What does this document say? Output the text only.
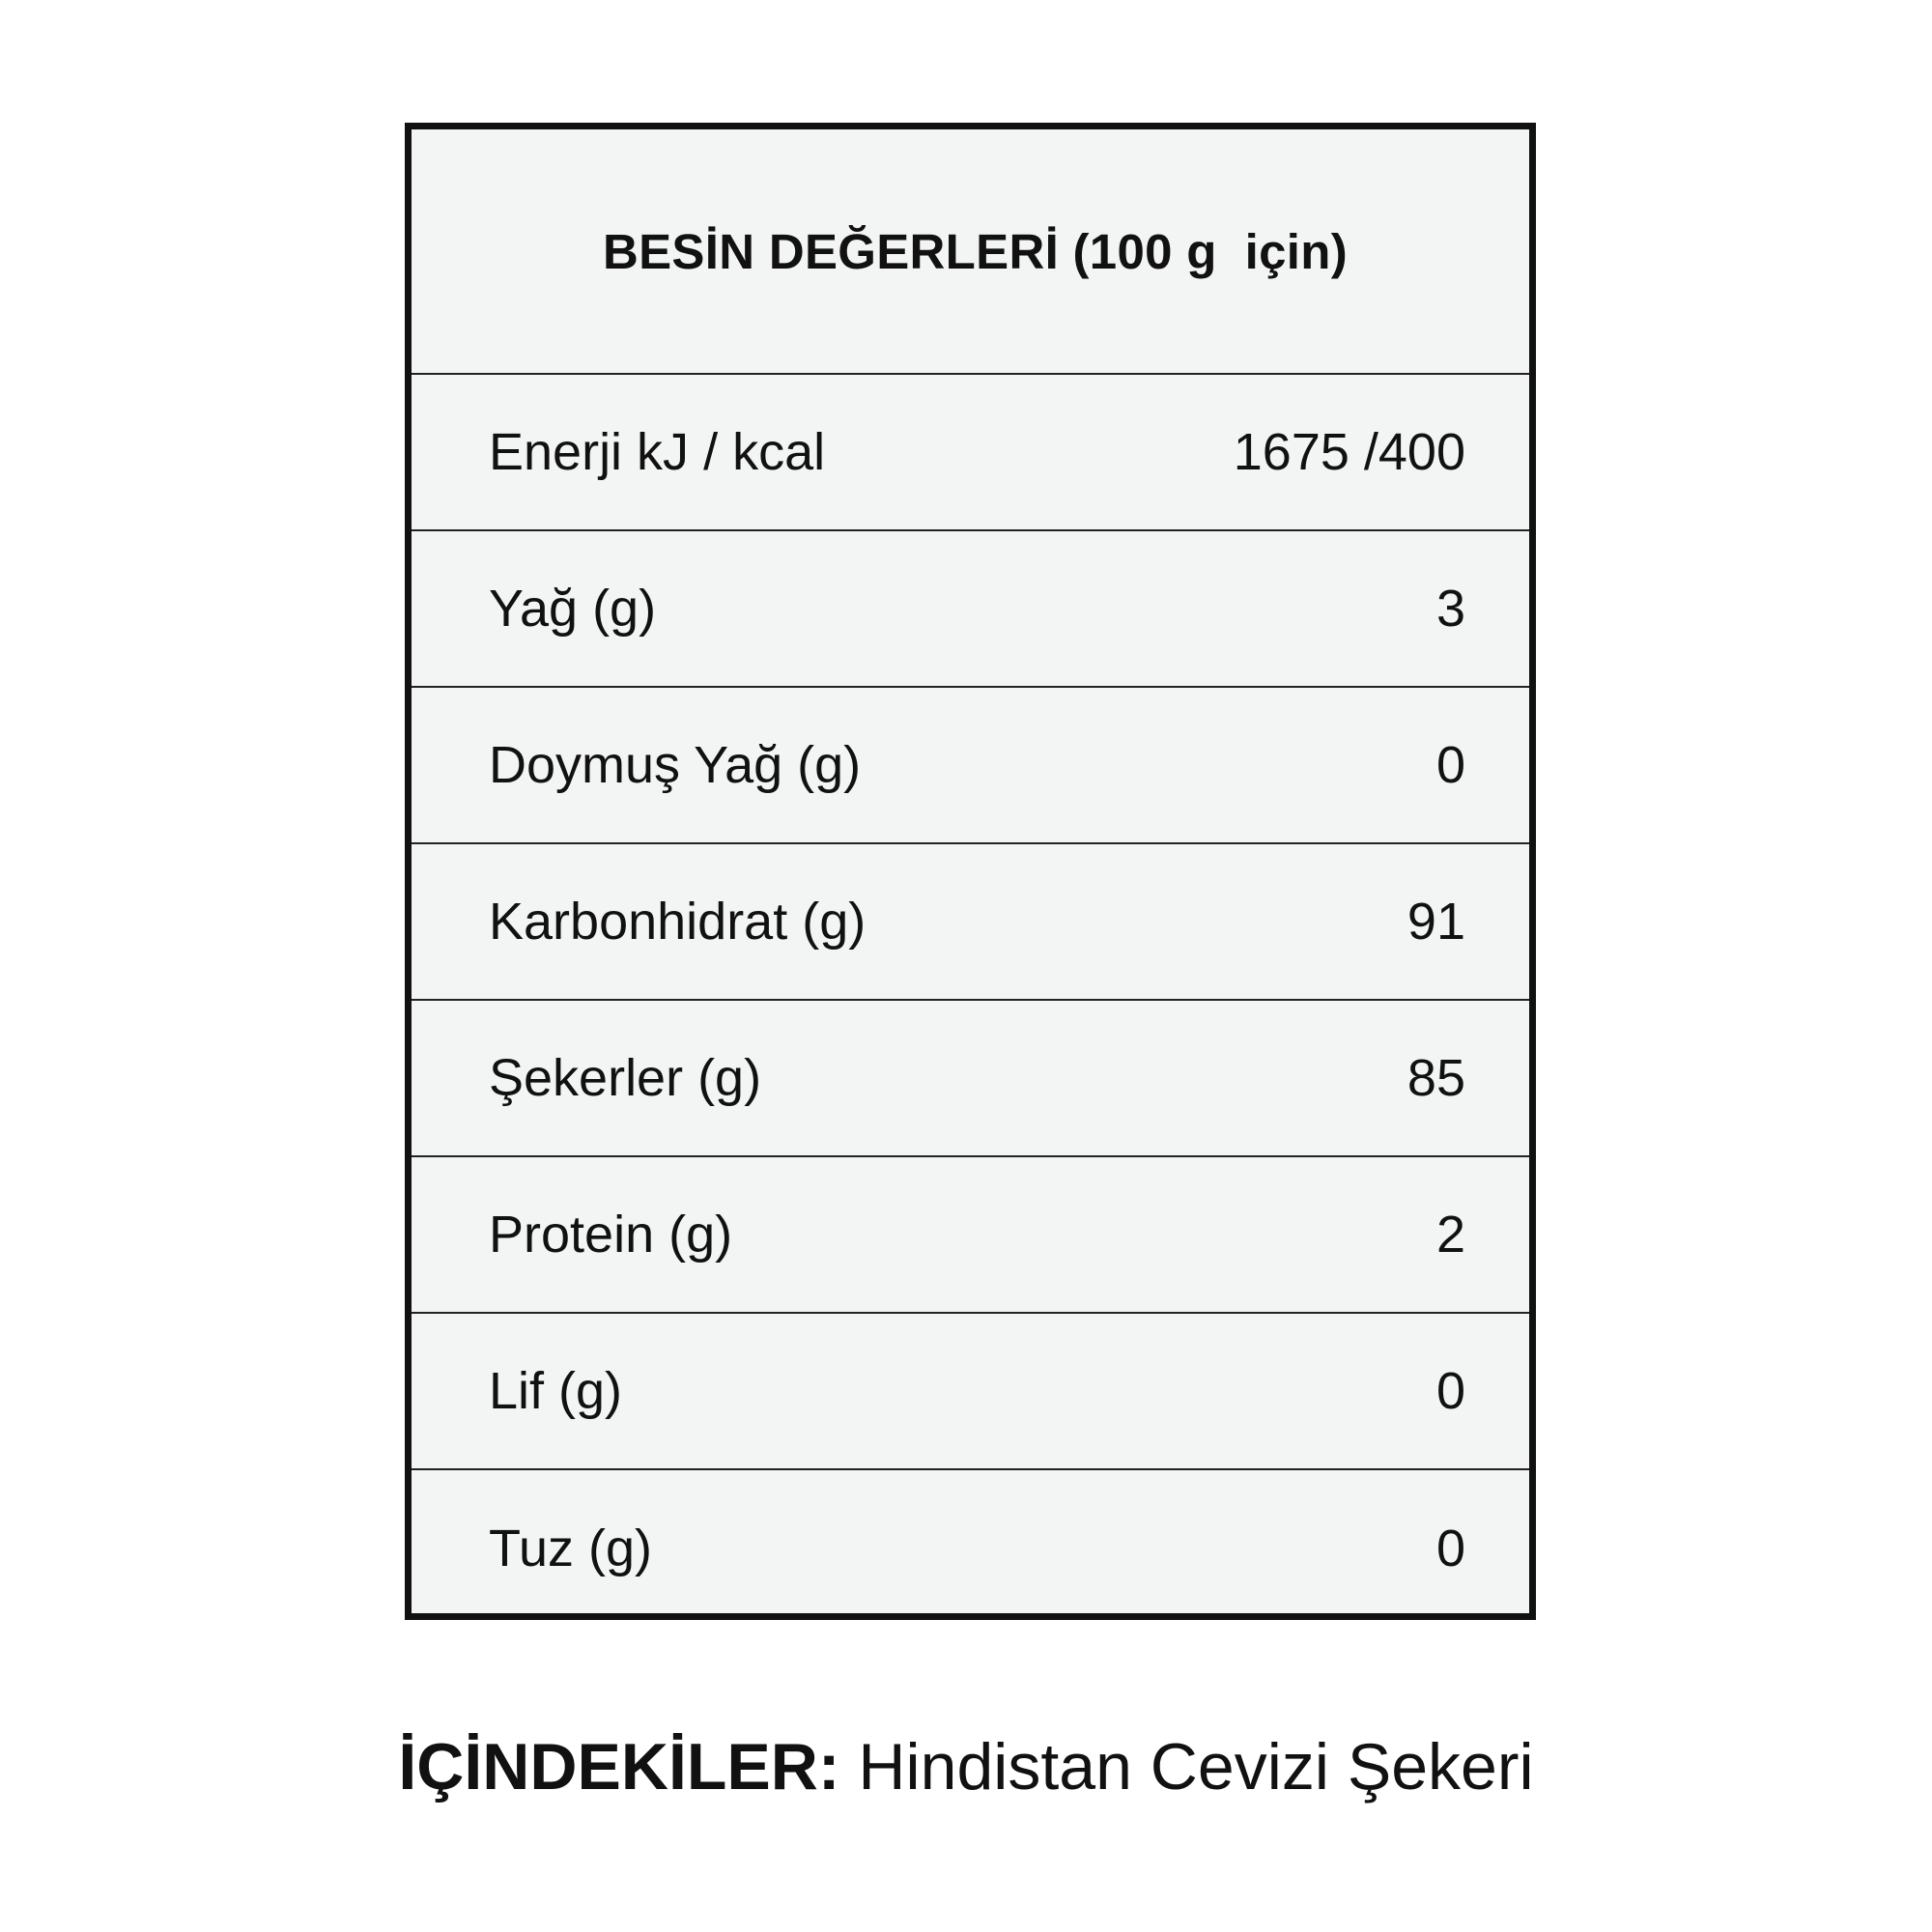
BESİN DEĞERLERİ (100 g  için)
Enerji kJ / kcal	1675 /400
Yağ (g)	3
Doymuş Yağ (g)	0
Karbonhidrat (g)	91
Şekerler (g)	85
Protein (g)	2
Lif (g)	0
Tuz (g)	0
İÇİNDEKİLER: Hindistan Cevizi Şekeri
